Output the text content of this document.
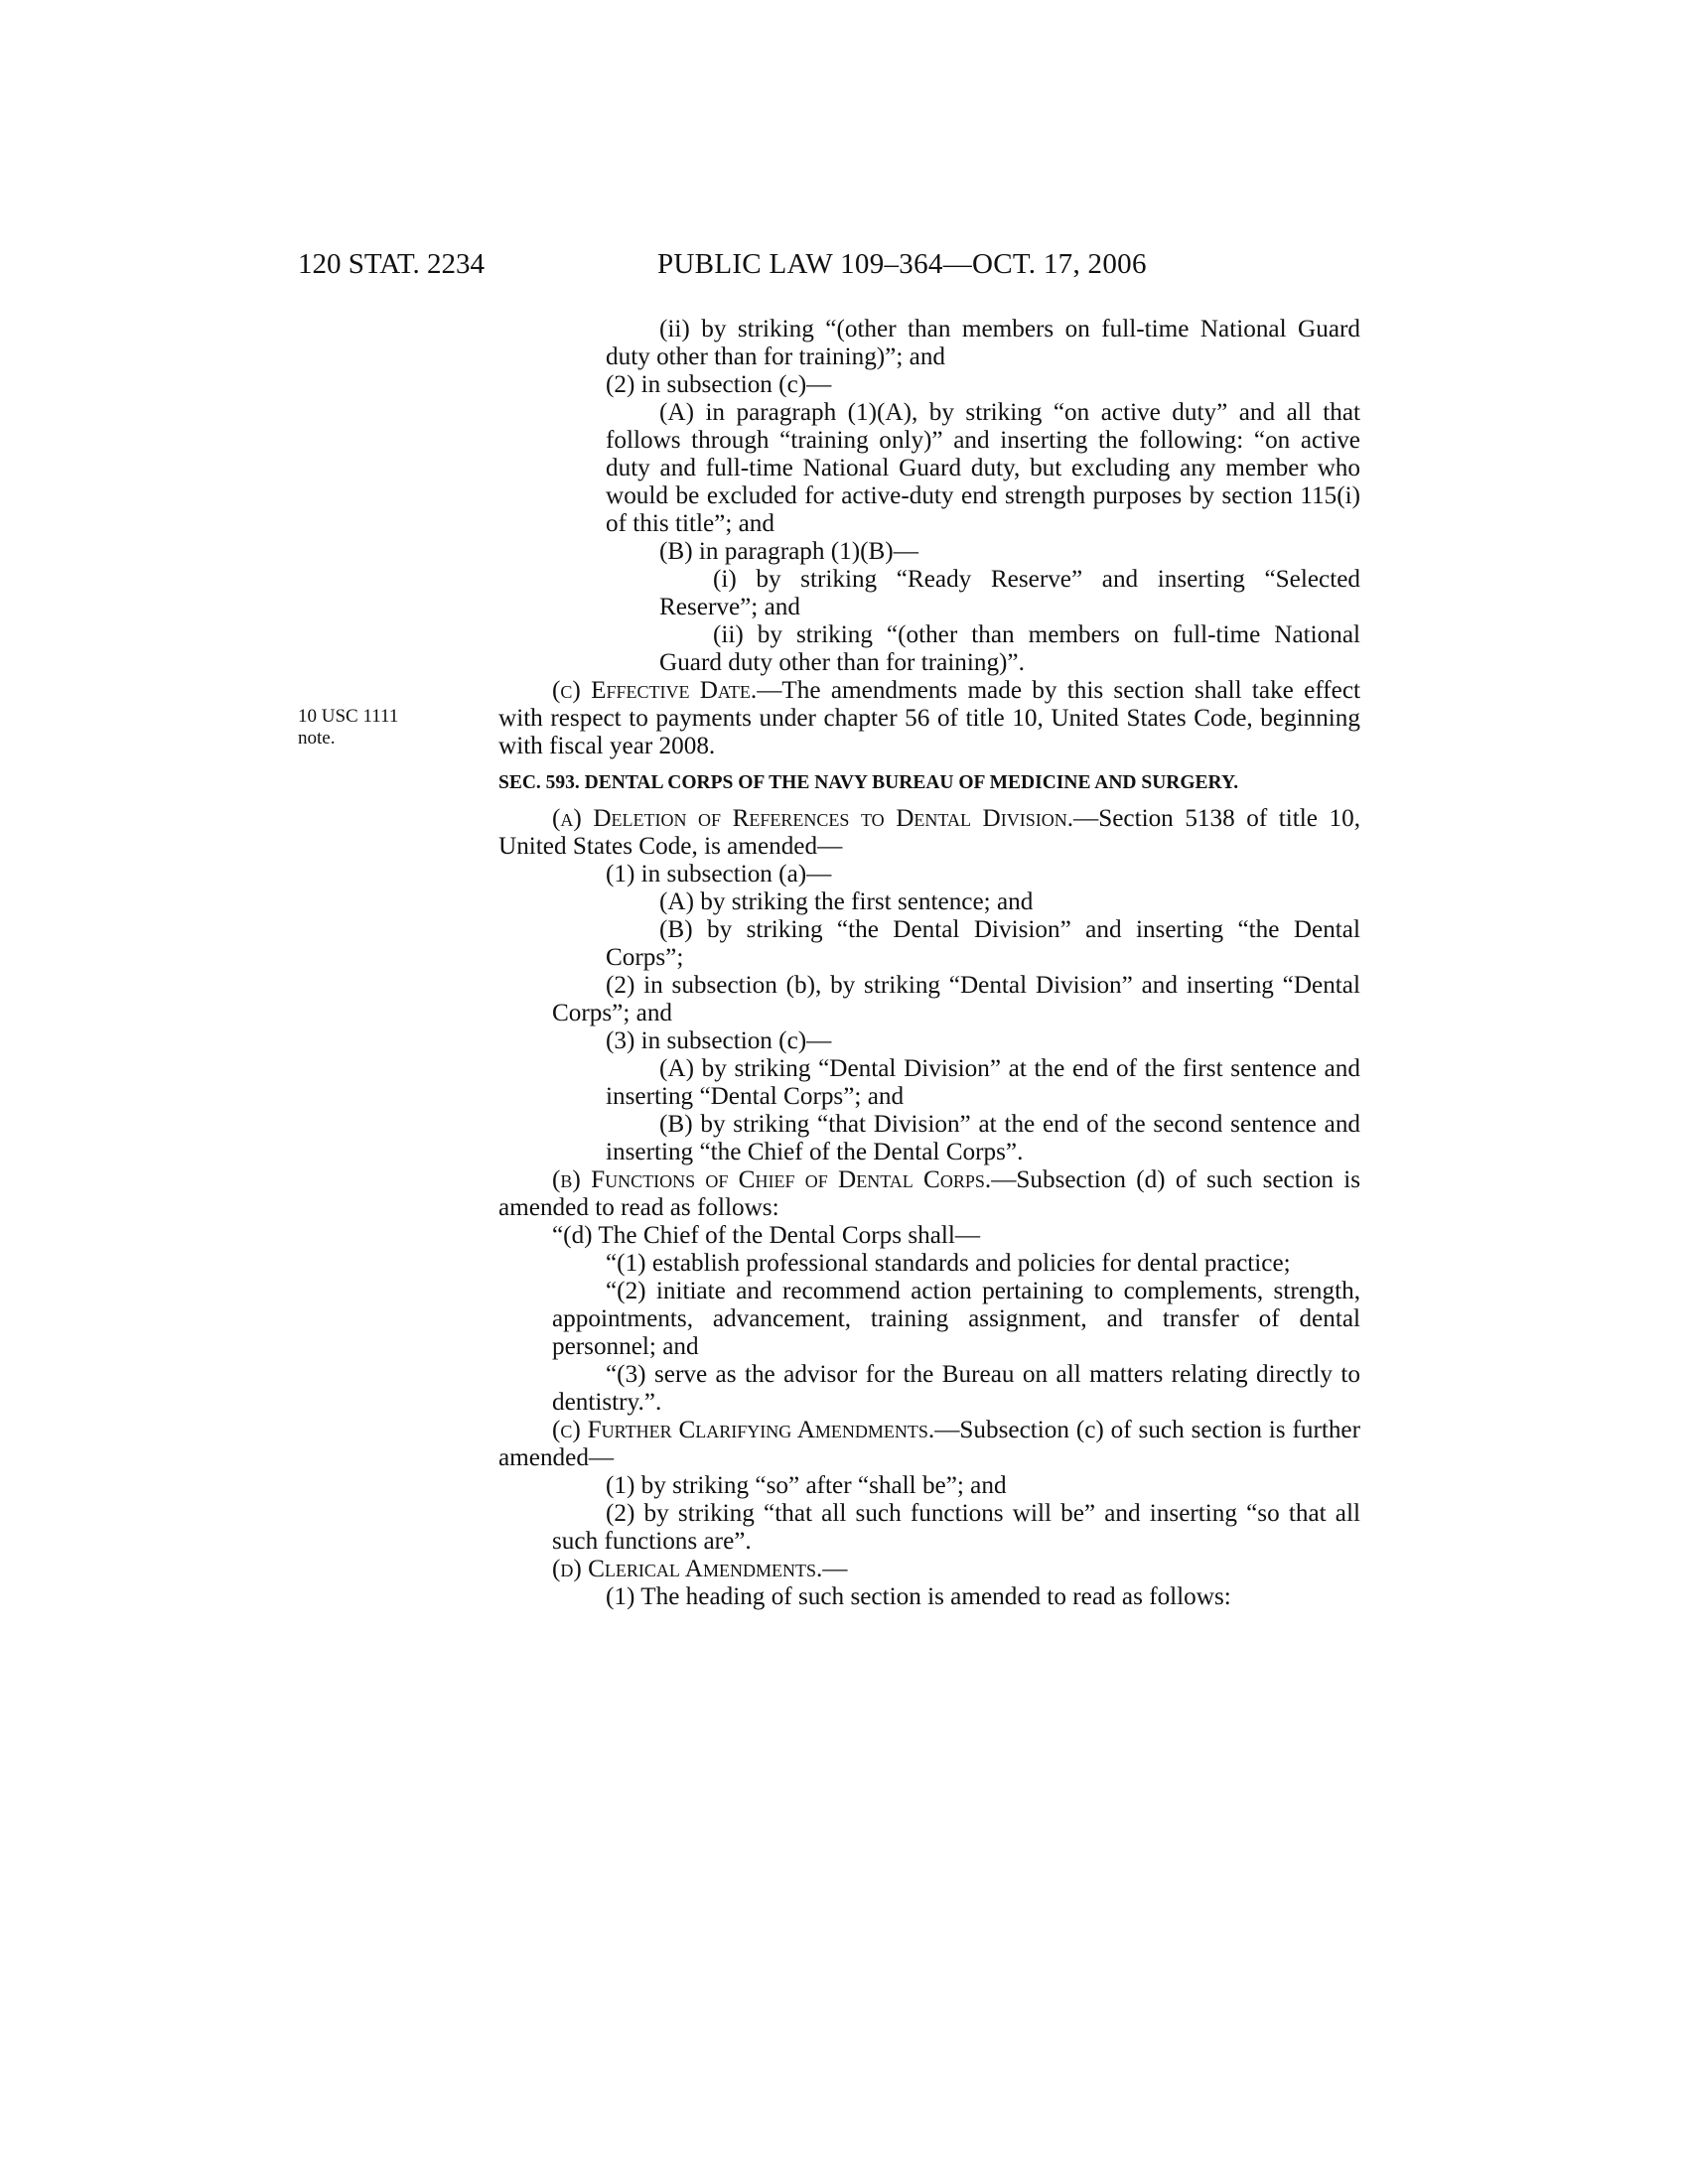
120 STAT. 2234	PUBLIC LAW 109–364—OCT. 17, 2006
10 USC 1111
note.

(ii) by striking “(other than members on full-time National Guard duty other than for training)”; and

(2) in subsection (c)—

(A) in paragraph (1)(A), by striking “on active duty” and all that follows through “training only)” and inserting the following: “on active duty and full-time National Guard duty, but excluding any member who would be excluded for active-duty end strength purposes by section 115(i) of this title”; and

(B) in paragraph (1)(B)—

(i) by striking “Ready Reserve” and inserting “Selected Reserve”; and

(ii) by striking “(other than members on full-time National Guard duty other than for training)”.

(c) Effective Date.—The amendments made by this section shall take effect with respect to payments under chapter 56 of title 10, United States Code, beginning with fiscal year 2008.

SEC. 593. DENTAL CORPS OF THE NAVY BUREAU OF MEDICINE AND SURGERY.

(a) Deletion of References to Dental Division.—Section 5138 of title 10, United States Code, is amended—

(1) in subsection (a)—

(A) by striking the first sentence; and

(B) by striking “the Dental Division” and inserting “the Dental Corps”;

(2) in subsection (b), by striking “Dental Division” and inserting “Dental Corps”; and

(3) in subsection (c)—

(A) by striking “Dental Division” at the end of the first sentence and inserting “Dental Corps”; and

(B) by striking “that Division” at the end of the second sentence and inserting “the Chief of the Dental Corps”.

(b) Functions of Chief of Dental Corps.—Subsection (d) of such section is amended to read as follows:

“(d) The Chief of the Dental Corps shall—

“(1) establish professional standards and policies for dental practice;

“(2) initiate and recommend action pertaining to complements, strength, appointments, advancement, training assignment, and transfer of dental personnel; and

“(3) serve as the advisor for the Bureau on all matters relating directly to dentistry.”.

(c) Further Clarifying Amendments.—Subsection (c) of such section is further amended—

(1) by striking “so” after “shall be”; and

(2) by striking “that all such functions will be” and inserting “so that all such functions are”.

(d) Clerical Amendments.—

(1) The heading of such section is amended to read as follows:
